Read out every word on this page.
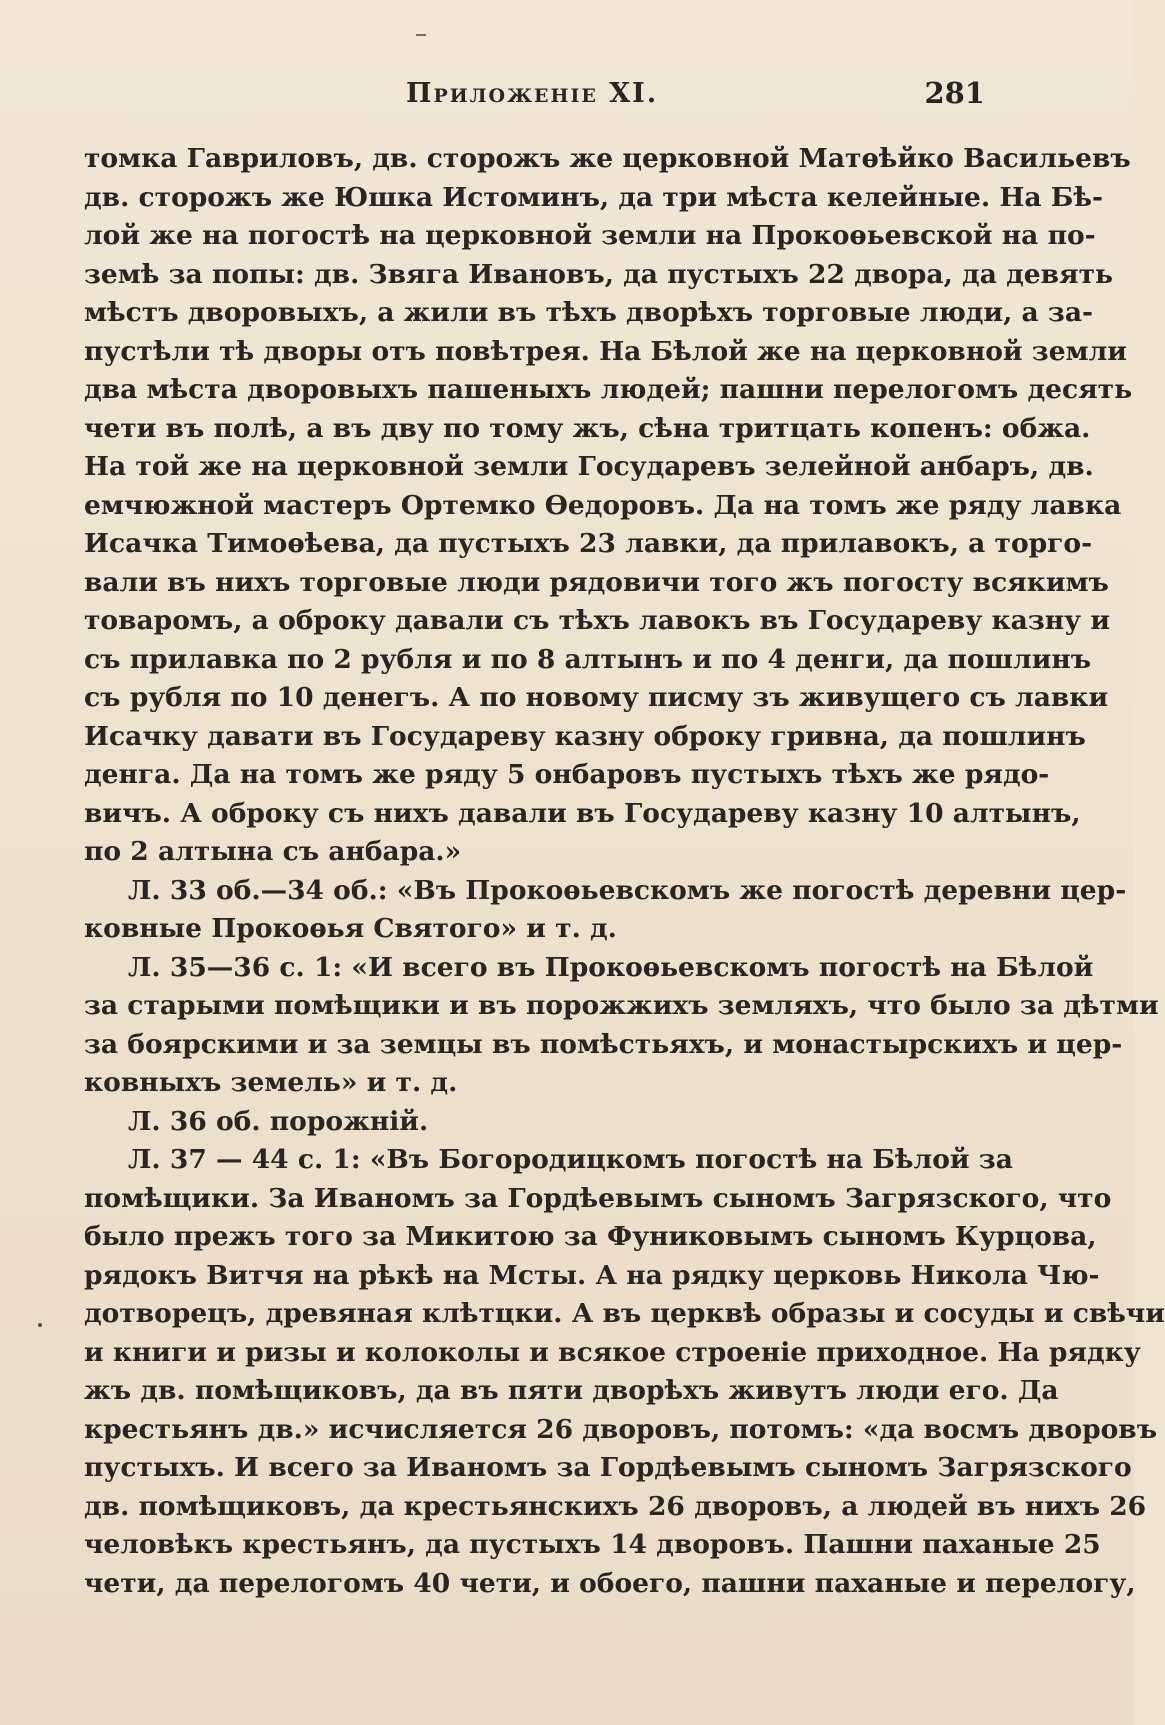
Приложеніе XI.	281
томка Гавриловъ, дв. сторожъ же церковной Матѳѣйко Васильевъ
дв. сторожъ же Юшка Истоминъ, да три мѣста келейные. На Бѣ-
лой же на погостѣ на церковной земли на Прокоѳьевской на по-
земѣ за попы: дв. Звяга Ивановъ, да пустыхъ 22 двора, да девять
мѣстъ дворовыхъ, а жили въ тѣхъ дворѣхъ торговые люди, а за-
пустѣли тѣ дворы отъ повѣтрея. На Бѣлой же на церковной земли
два мѣста дворовыхъ пашеныхъ людей; пашни перелогомъ десять
чети въ полѣ, а въ дву по тому жъ, сѣна тритцать копенъ: обжа.
На той же на церковной земли Государевъ зелейной анбаръ, дв.
емчюжной мастеръ Ортемко Ѳедоровъ. Да на томъ же ряду лавка
Исачка Тимоѳѣева, да пустыхъ 23 лавки, да прилавокъ, а торго-
вали въ нихъ торговые люди рядовичи того жъ погосту всякимъ
товаромъ, а оброку давали съ тѣхъ лавокъ въ Государеву казну и
съ прилавка по 2 рубля и по 8 алтынъ и по 4 денги, да пошлинъ
съ рубля по 10 денегъ. А по новому писму зъ живущего съ лавки
Исачку давати въ Государеву казну оброку гривна, да пошлинъ
денга. Да на томъ же ряду 5 онбаровъ пустыхъ тѣхъ же рядо-
вичъ. А оброку съ нихъ давали въ Государеву казну 10 алтынъ,
по 2 алтына съ анбара.»
Л. 33 об.—34 об.: «Въ Прокоѳьевскомъ же погостѣ деревни цер-
ковные Прокоѳья Святого» и т. д.
Л. 35—36 с. 1: «И всего въ Прокоѳьевскомъ погостѣ на Бѣлой
за старыми помѣщики и въ порожжихъ земляхъ, что было за дѣтми
за боярскими и за земцы въ помѣстьяхъ, и монастырскихъ и цер-
ковныхъ земель» и т. д.
Л. 36 об. порожній.
Л. 37 — 44 с. 1: «Въ Богородицкомъ погостѣ на Бѣлой за
помѣщики. За Иваномъ за Гордѣевымъ сыномъ Загрязского, что
было прежъ того за Микитою за Фуниковымъ сыномъ Курцова,
рядокъ Витчя на рѣкѣ на Мсты. А на рядку церковь Никола Чю-
дотворецъ, древяная клѣтцки. А въ церквѣ образы и сосуды и свѣчи
и книги и ризы и колоколы и всякое строеніе приходное. На рядку
жъ дв. помѣщиковъ, да въ пяти дворѣхъ живутъ люди его. Да
крестьянъ дв.» исчисляется 26 дворовъ, потомъ: «да восмъ дворовъ
пустыхъ. И всего за Иваномъ за Гордѣевымъ сыномъ Загрязского
дв. помѣщиковъ, да крестьянскихъ 26 дворовъ, а людей въ нихъ 26
человѣкъ крестьянъ, да пустыхъ 14 дворовъ. Пашни паханые 25
чети, да перелогомъ 40 чети, и обоего, пашни паханые и перелогу,
